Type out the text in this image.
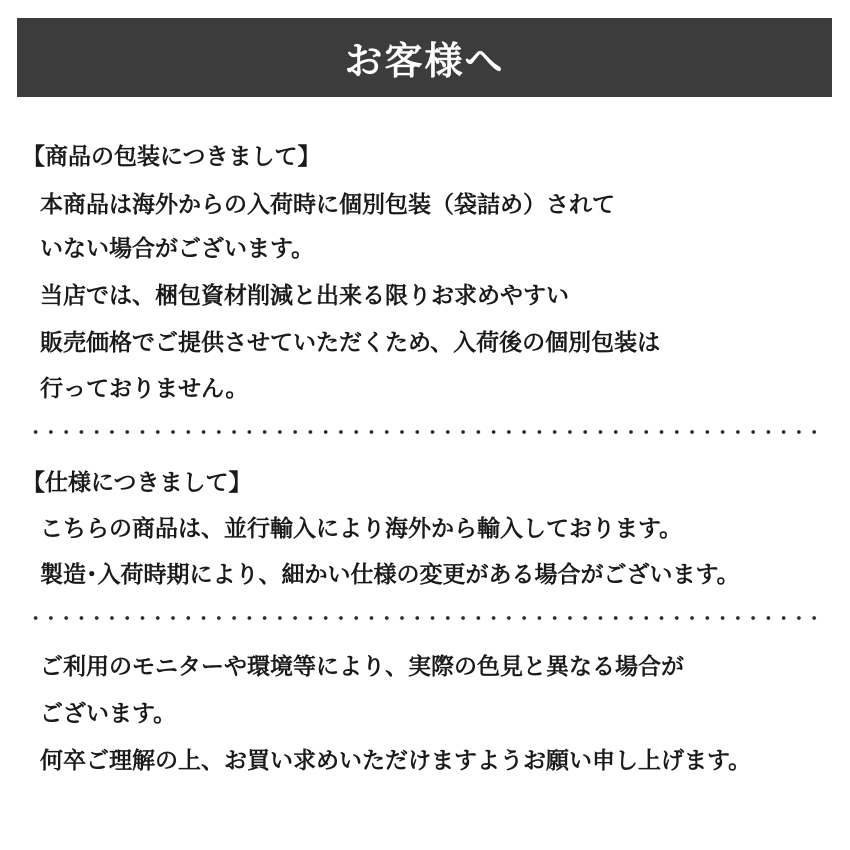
お客様へ
【商品の包装につきまして】
本商品は海外からの入荷時に個別包装（袋詰め）されて
いない場合がございます。
当店では、梱包資材削減と出来る限りお求めやすい
販売価格でご提供させていただくため、入荷後の個別包装は
行っておりません。
【仕様につきまして】
こちらの商品は、並行輸入により海外から輸入しております。
製造･入荷時期により、細かい仕様の変更がある場合がございます。
ご利用のモニターや環境等により、実際の色見と異なる場合が
ございます。
何卒ご理解の上、お買い求めいただけますようお願い申し上げます。
